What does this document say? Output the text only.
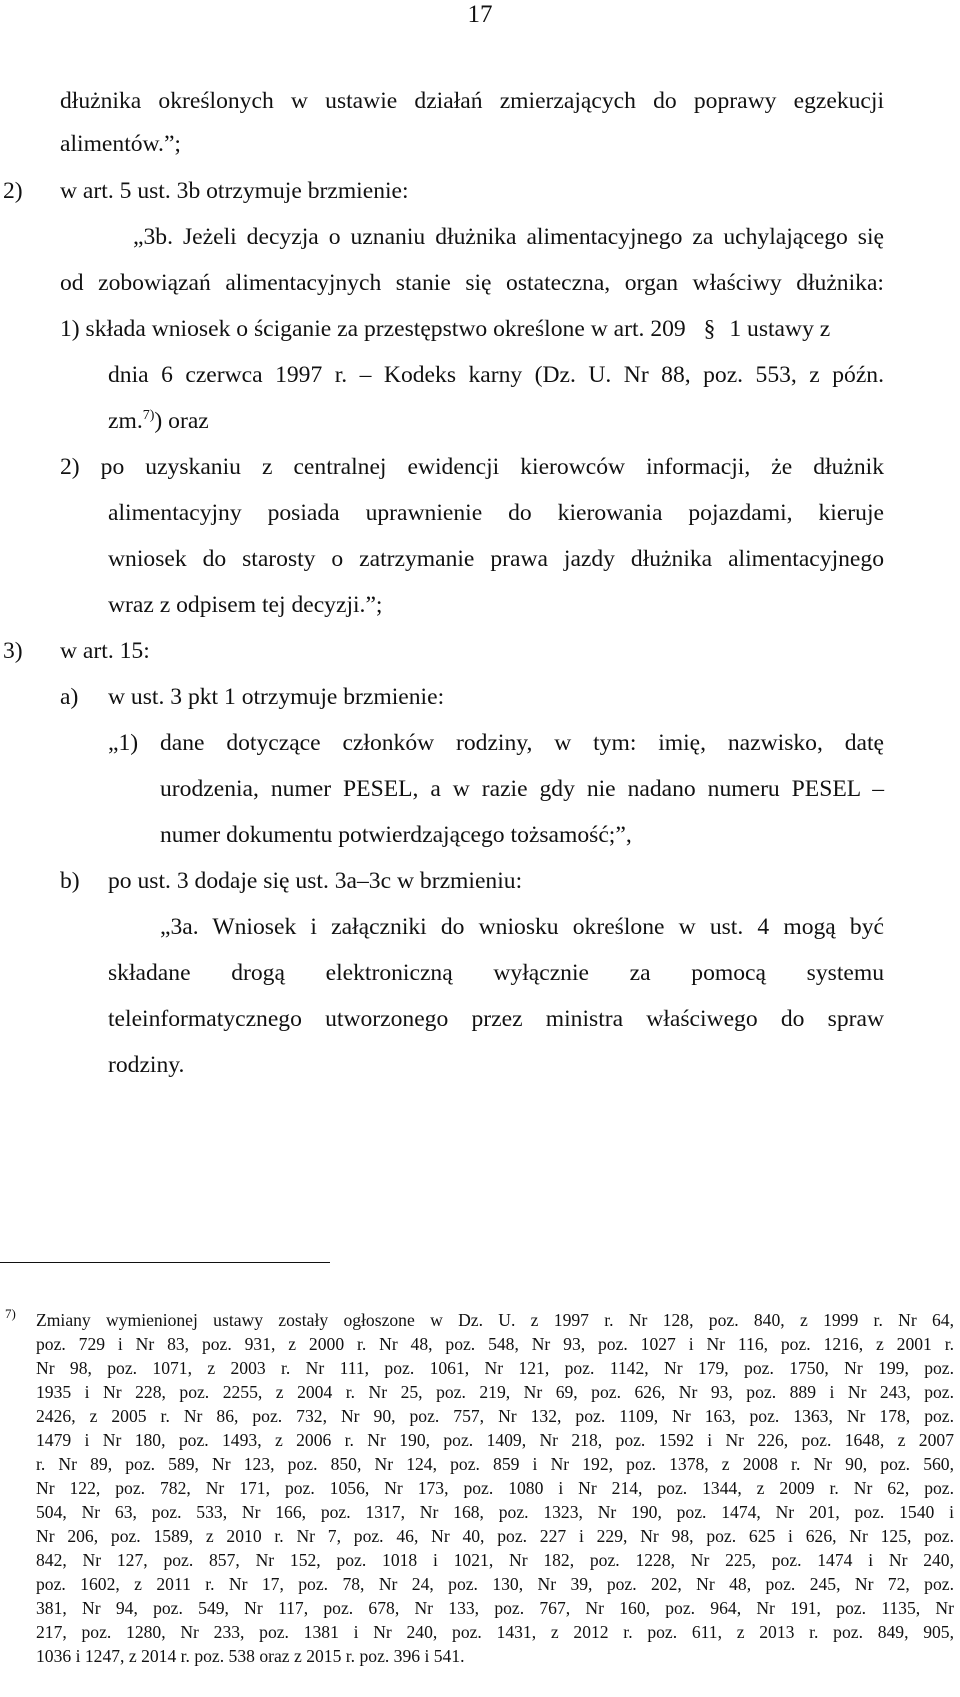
17
dłużnika określonych w ustawie działań zmierzających do poprawy egzekucji
alimentów.”;
2) w art. 5 ust. 3b otrzymuje brzmienie:
„3b. Jeżeli decyzja o uznaniu dłużnika alimentacyjnego za uchylającego się
od zobowiązań alimentacyjnych stanie się ostateczna, organ właściwy dłużnika:
1) składa wniosek o ściganie za przestępstwo określone w art. 209 § 1 ustawy z
dnia 6 czerwca 1997 r. – Kodeks karny (Dz. U. Nr 88, poz. 553, z późn.
zm.$^{7)}$) oraz
2) po uzyskaniu z centralnej ewidencji kierowców informacji, że dłużnik
alimentacyjny posiada uprawnienie do kierowania pojazdami, kieruje
wniosek do starosty o zatrzymanie prawa jazdy dłużnika alimentacyjnego
wraz z odpisem tej decyzji.”;
3) w art. 15:
a) w ust. 3 pkt 1 otrzymuje brzmienie:
„1) dane dotyczące członków rodziny, w tym: imię, nazwisko, datę
urodzenia, numer PESEL, a w razie gdy nie nadano numeru PESEL –
numer dokumentu potwierdzającego tożsamość;”,
b) po ust. 3 dodaje się ust. 3a–3c w brzmieniu:
„3a. Wniosek i załączniki do wniosku określone w ust. 4 mogą być
składane drogą elektroniczną wyłącznie za pomocą systemu
teleinformatycznego utworzonego przez ministra właściwego do spraw
rodziny.
7) Zmiany wymienionej ustawy zostały ogłoszone w Dz. U. z 1997 r. Nr 128, poz. 840, z 1999 r. Nr 64,
poz. 729 i Nr 83, poz. 931, z 2000 r. Nr 48, poz. 548, Nr 93, poz. 1027 i Nr 116, poz. 1216, z 2001 r.
Nr 98, poz. 1071, z 2003 r. Nr 111, poz. 1061, Nr 121, poz. 1142, Nr 179, poz. 1750, Nr 199, poz.
1935 i Nr 228, poz. 2255, z 2004 r. Nr 25, poz. 219, Nr 69, poz. 626, Nr 93, poz. 889 i Nr 243, poz.
2426, z 2005 r. Nr 86, poz. 732, Nr 90, poz. 757, Nr 132, poz. 1109, Nr 163, poz. 1363, Nr 178, poz.
1479 i Nr 180, poz. 1493, z 2006 r. Nr 190, poz. 1409, Nr 218, poz. 1592 i Nr 226, poz. 1648, z 2007
r. Nr 89, poz. 589, Nr 123, poz. 850, Nr 124, poz. 859 i Nr 192, poz. 1378, z 2008 r. Nr 90, poz. 560,
Nr 122, poz. 782, Nr 171, poz. 1056, Nr 173, poz. 1080 i Nr 214, poz. 1344, z 2009 r. Nr 62, poz.
504, Nr 63, poz. 533, Nr 166, poz. 1317, Nr 168, poz. 1323, Nr 190, poz. 1474, Nr 201, poz. 1540 i
Nr 206, poz. 1589, z 2010 r. Nr 7, poz. 46, Nr 40, poz. 227 i 229, Nr 98, poz. 625 i 626, Nr 125, poz.
842, Nr 127, poz. 857, Nr 152, poz. 1018 i 1021, Nr 182, poz. 1228, Nr 225, poz. 1474 i Nr 240,
poz. 1602, z 2011 r. Nr 17, poz. 78, Nr 24, poz. 130, Nr 39, poz. 202, Nr 48, poz. 245, Nr 72, poz.
381, Nr 94, poz. 549, Nr 117, poz. 678, Nr 133, poz. 767, Nr 160, poz. 964, Nr 191, poz. 1135, Nr
217, poz. 1280, Nr 233, poz. 1381 i Nr 240, poz. 1431, z 2012 r. poz. 611, z 2013 r. poz. 849, 905,
1036 i 1247, z 2014 r. poz. 538 oraz z 2015 r. poz. 396 i 541.
